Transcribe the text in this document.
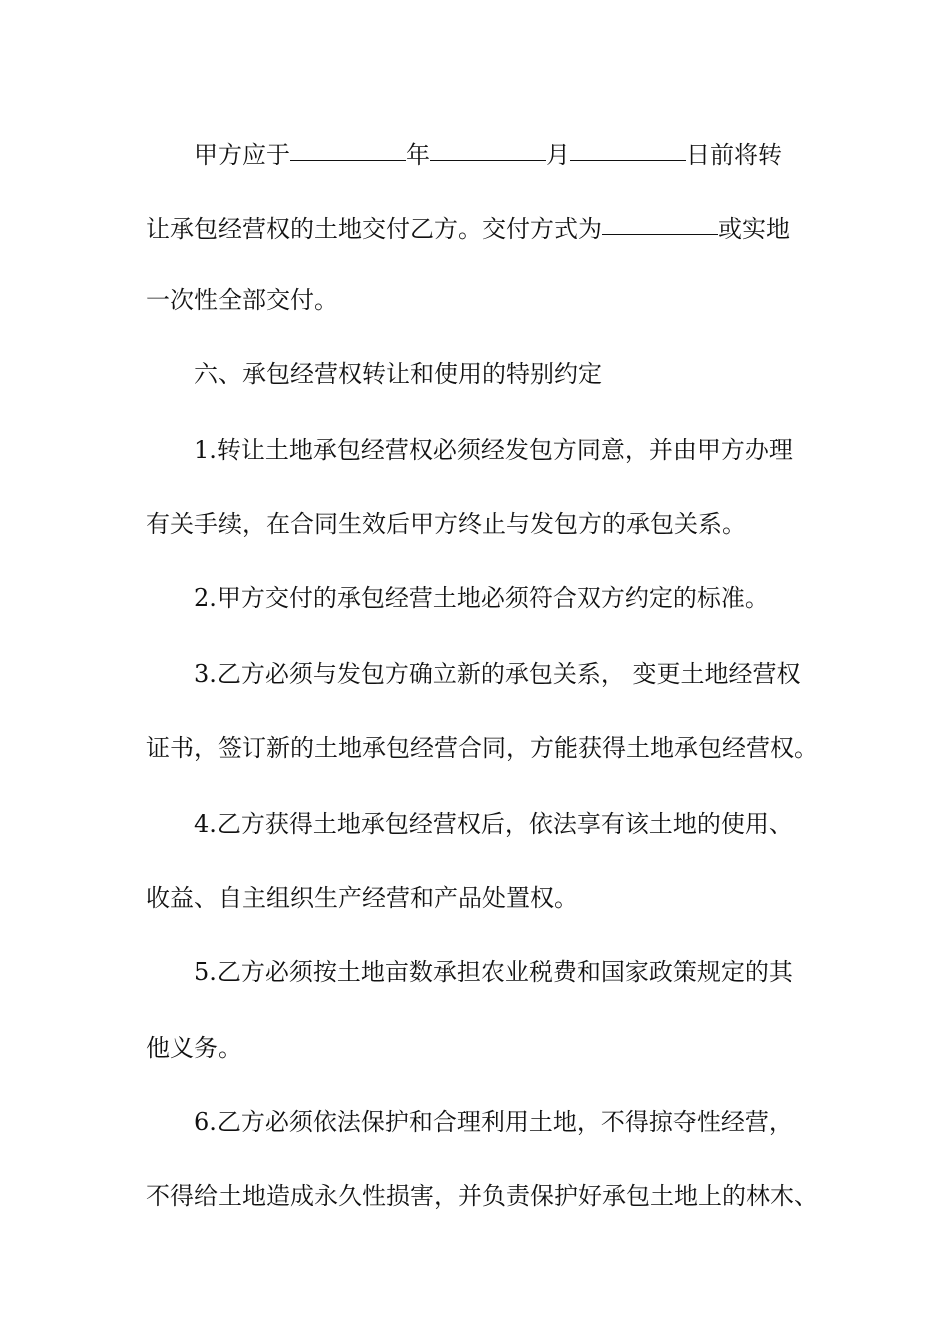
甲方应于	年	月	日前将转
让承包经营权的土地交付乙方。交付方式为	或实地
一次性全部交付。
六、承包经营权转让和使用的特别约定
1.转让土地承包经营权必须经发包方同意，并由甲方办理
有关手续，在合同生效后甲方终止与发包方的承包关系。
2.甲方交付的承包经营土地必须符合双方约定的标准。
3.乙方必须与发包方确立新的承包关系， 变更土地经营权
证书，签订新的土地承包经营合同，方能获得土地承包经营权。
4.乙方获得土地承包经营权后，依法享有该土地的使用、
收益、自主组织生产经营和产品处置权。
5.乙方必须按土地亩数承担农业税费和国家政策规定的其
他义务。
6.乙方必须依法保护和合理利用土地，不得掠夺性经营，
不得给土地造成永久性损害，并负责保护好承包土地上的林木、
